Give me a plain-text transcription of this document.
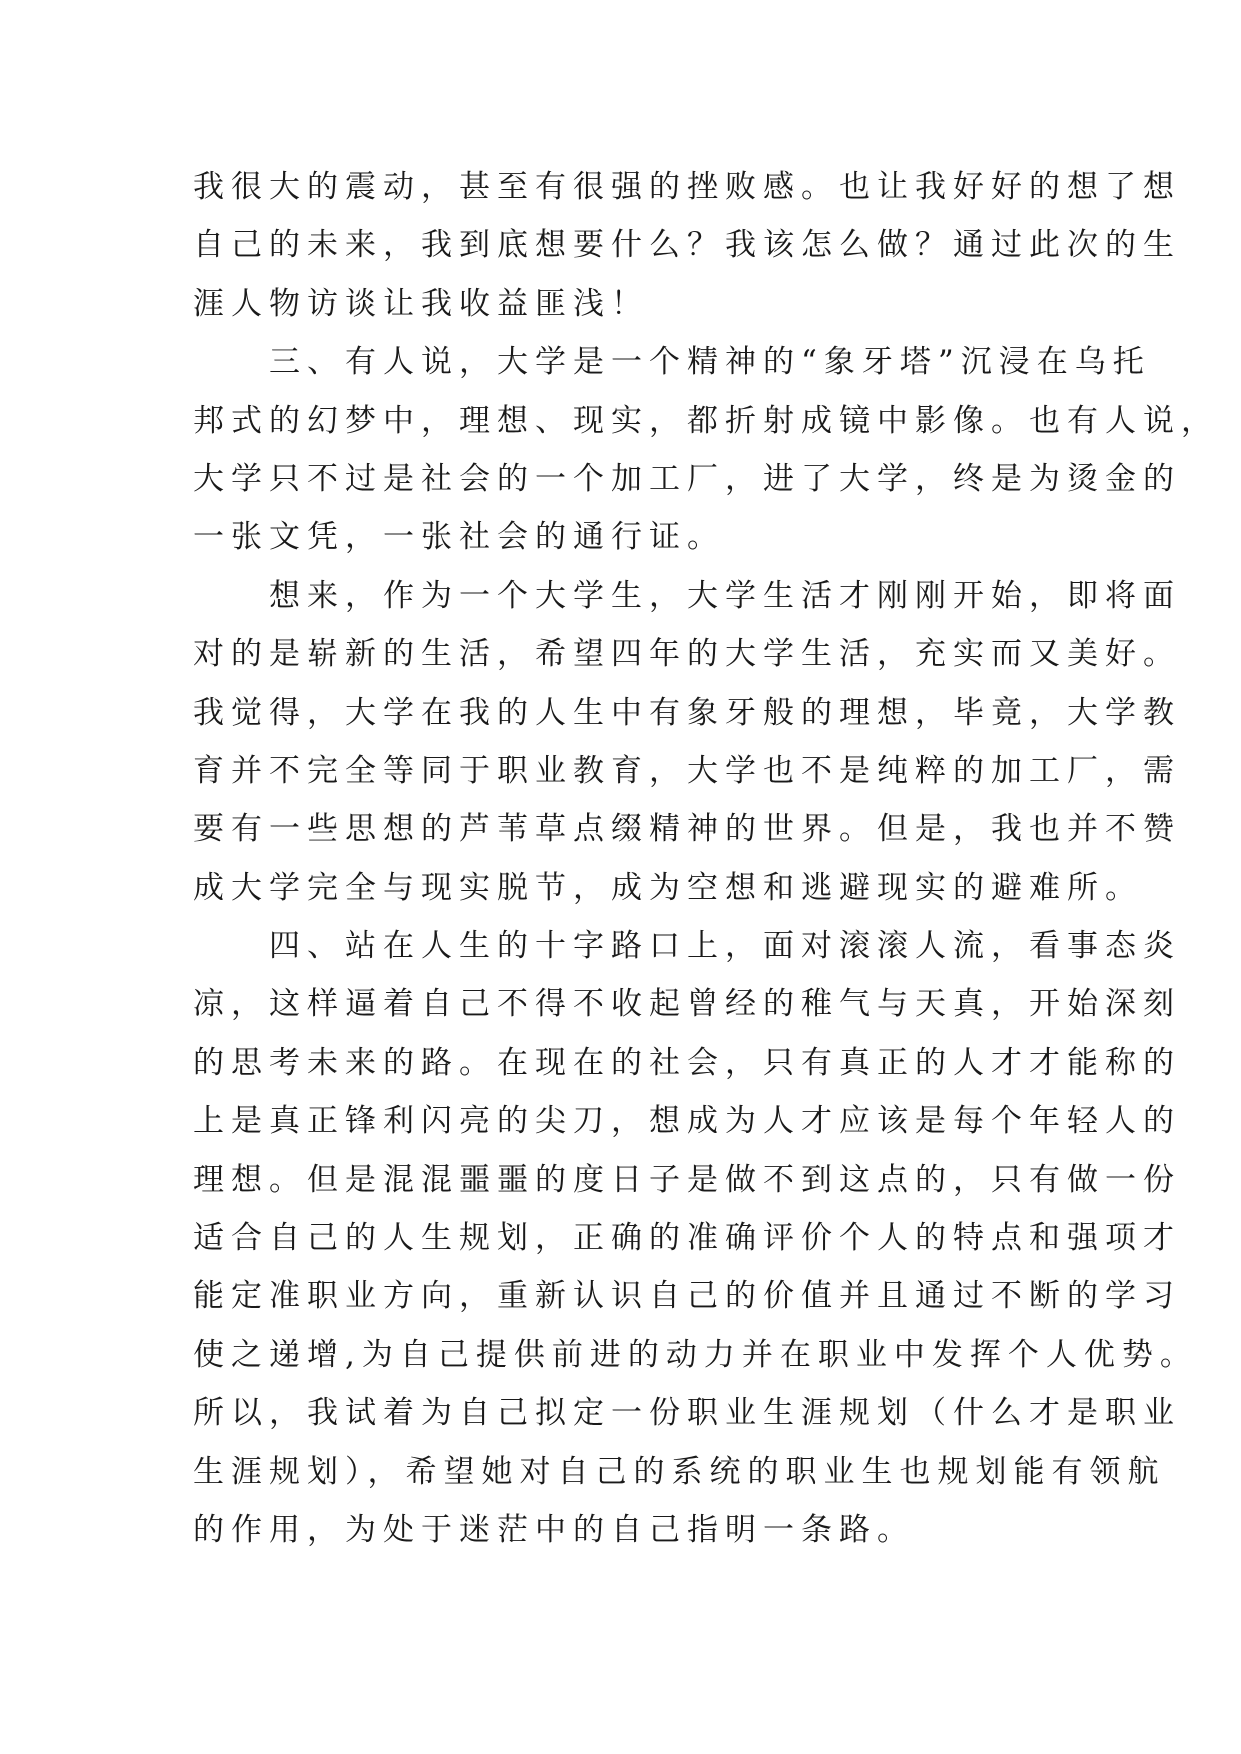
我很大的震动，甚至有很强的挫败感。也让我好好的想了想
自己的未来，我到底想要什么？我该怎么做？通过此次的生
涯人物访谈让我收益匪浅！
三、有人说，大学是一个精神的“象牙塔”沉浸在乌托
邦式的幻梦中，理想、现实，都折射成镜中影像。也有人说，
大学只不过是社会的一个加工厂，进了大学，终是为烫金的
一张文凭，一张社会的通行证。
想来，作为一个大学生，大学生活才刚刚开始，即将面
对的是崭新的生活，希望四年的大学生活，充实而又美好。
我觉得，大学在我的人生中有象牙般的理想，毕竟，大学教
育并不完全等同于职业教育，大学也不是纯粹的加工厂，需
要有一些思想的芦苇草点缀精神的世界。但是，我也并不赞
成大学完全与现实脱节，成为空想和逃避现实的避难所。
四、站在人生的十字路口上，面对滚滚人流，看事态炎
凉，这样逼着自己不得不收起曾经的稚气与天真，开始深刻
的思考未来的路。在现在的社会，只有真正的人才才能称的
上是真正锋利闪亮的尖刀，想成为人才应该是每个年轻人的
理想。但是混混噩噩的度日子是做不到这点的，只有做一份
适合自己的人生规划，正确的准确评价个人的特点和强项才
能定准职业方向，重新认识自己的价值并且通过不断的学习
使之递增,为自己提供前进的动力并在职业中发挥个人优势。
所以，我试着为自己拟定一份职业生涯规划（什么才是职业
生涯规划），希望她对自己的系统的职业生也规划能有领航
的作用，为处于迷茫中的自己指明一条路。
